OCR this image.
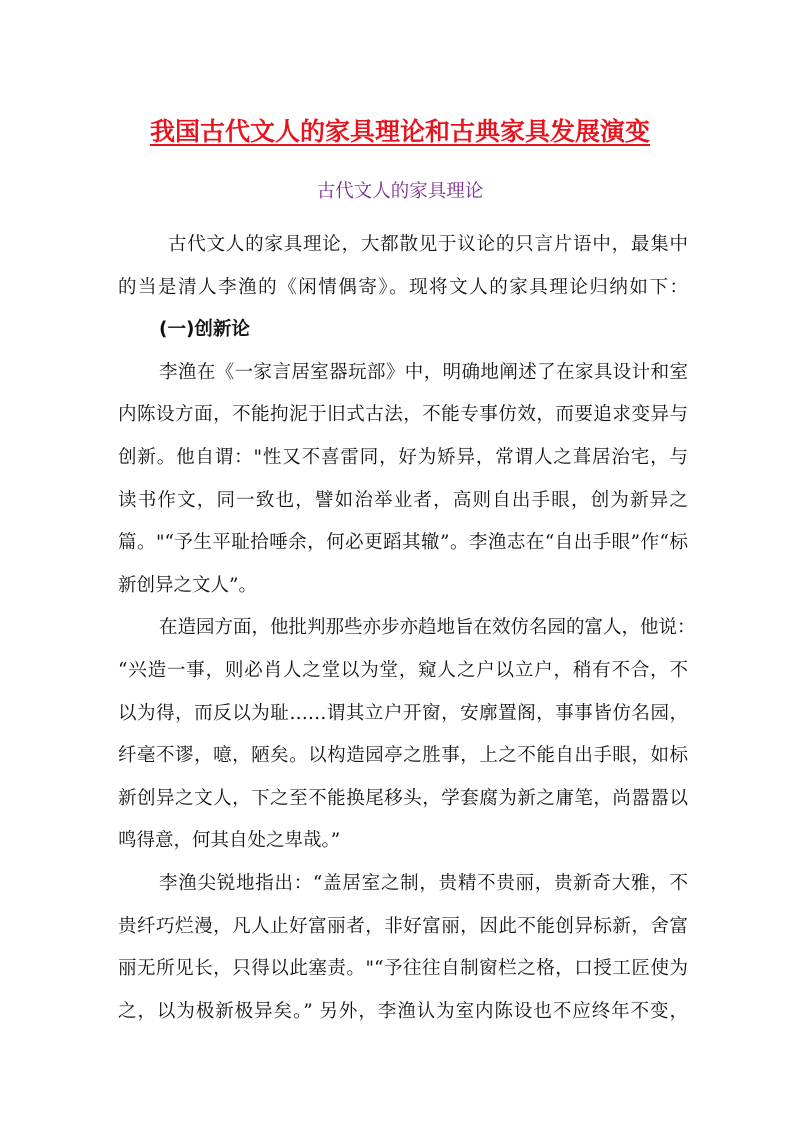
我国古代文人的家具理论和古典家具发展演变
古代文人的家具理论
古代文人的家具理论，大都散见于议论的只言片语中，最集中
的当是清人李渔的《闲情偶寄》。现将文人的家具理论归纳如下：
(一)创新论
李渔在《一家言居室器玩部》中，明确地阐述了在家具设计和室
内陈设方面，不能拘泥于旧式古法，不能专事仿效，而要追求变异与
创新。他自谓："性又不喜雷同，好为矫异，常谓人之葺居治宅，与
读书作文，同一致也，譬如治举业者，高则自出手眼，创为新异之
篇。"“予生平耻拾唾余，何必更蹈其辙”。李渔志在“自出手眼”作“标
新创异之文人”。
在造园方面，他批判那些亦步亦趋地旨在效仿名园的富人，他说：
“兴造一事，则必肖人之堂以为堂，窥人之户以立户，稍有不合，不
以为得，而反以为耻……谓其立户开窗，安廓置阁，事事皆仿名园，
纤毫不谬，噫，陋矣。以构造园亭之胜事，上之不能自出手眼，如标
新创异之文人，下之至不能换尾移头，学套腐为新之庸笔，尚嚣嚣以
鸣得意，何其自处之卑哉。”
李渔尖锐地指出：“盖居室之制，贵精不贵丽，贵新奇大雅，不
贵纤巧烂漫，凡人止好富丽者，非好富丽，因此不能创异标新，舍富
丽无所见长，只得以此塞责。"“予往往自制窗栏之格，口授工匠使为
之，以为极新极异矣。” 另外，李渔认为室内陈设也不应终年不变，
